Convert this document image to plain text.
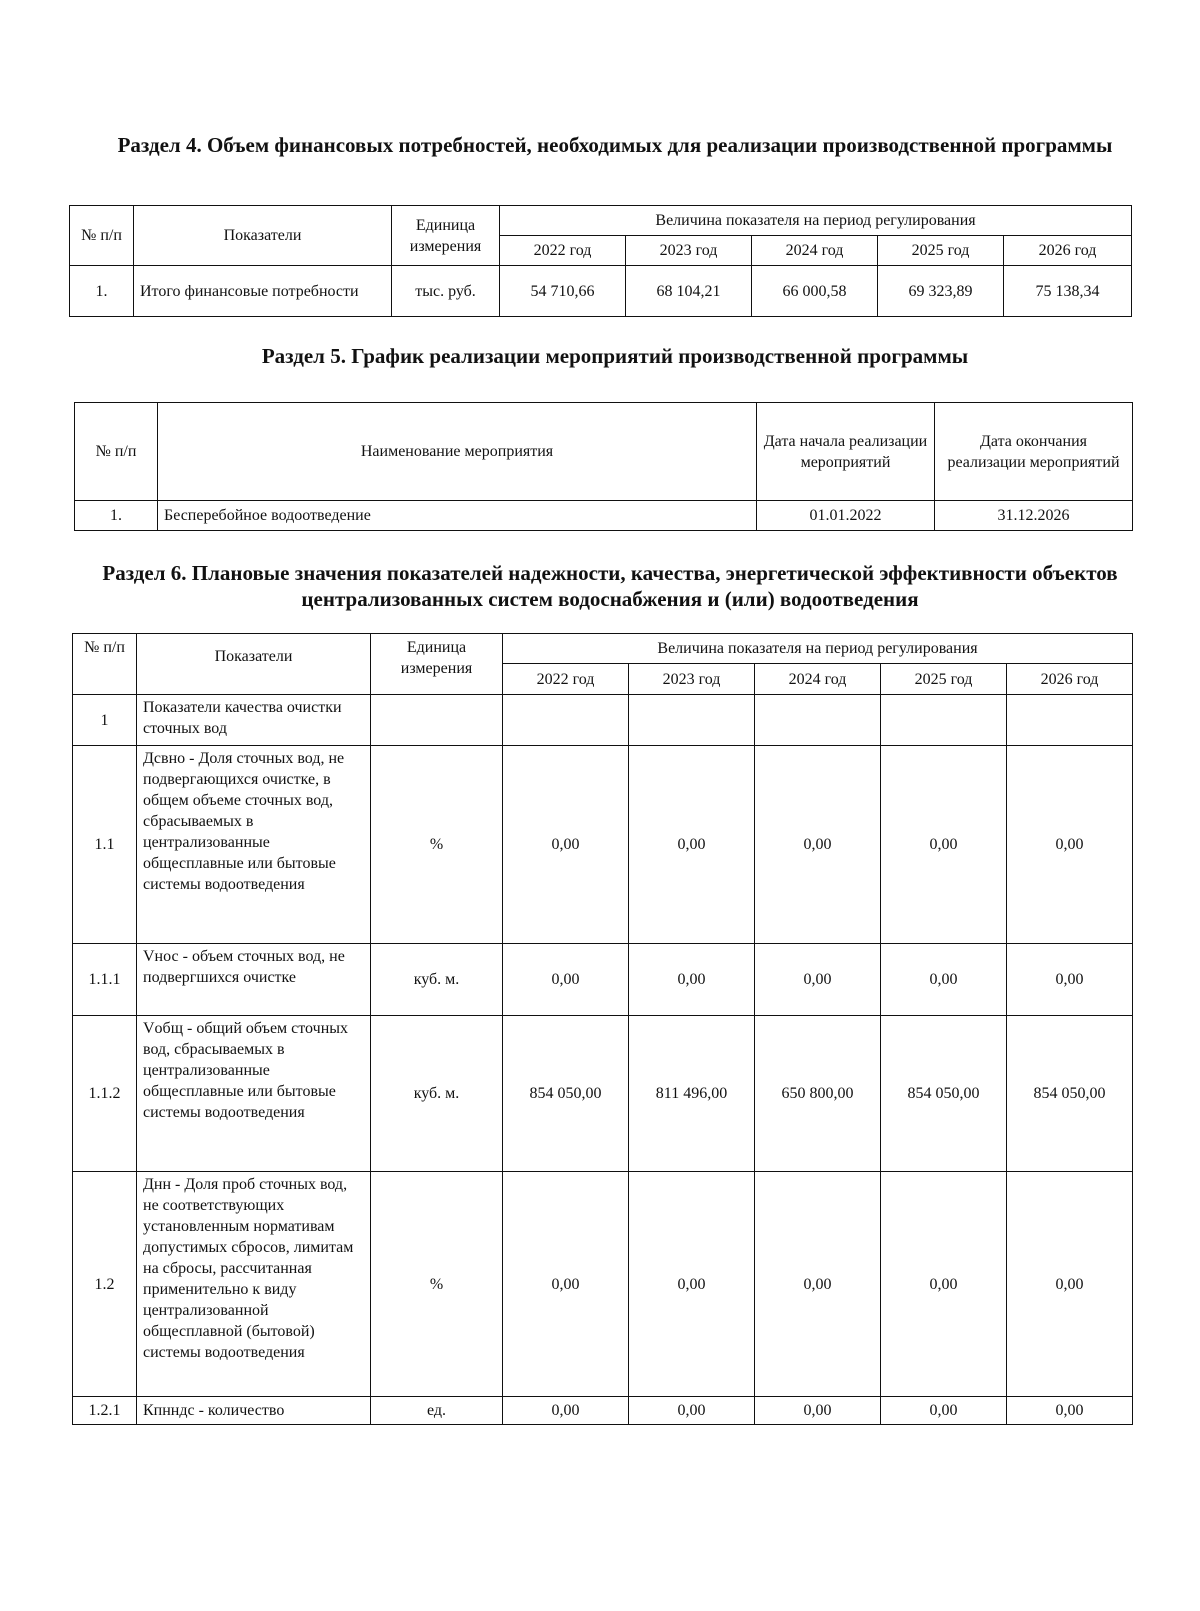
Раздел 4. Объем финансовых потребностей, необходимых для реализации производственной программы
№ п/п	Показатели	Единица измерения	Величина показателя на период регулирования				
			2022 год	2023 год	2024 год	2025 год	2026 год
1.	Итого финансовые потребности	тыс. руб.	54 710,66	68 104,21	66 000,58	69 323,89	75 138,34
Раздел 5. График реализации мероприятий производственной программы
№ п/п	Наименование мероприятия	Дата начала реализации мероприятий	Дата окончания реализации мероприятий
1.	Бесперебойное водоотведение	01.01.2022	31.12.2026
Раздел 6. Плановые значения показателей надежности, качества, энергетической эффективности объектов централизованных систем водоснабжения и (или) водоотведения
№ п/п	Показатели	Единица измерения	Величина показателя на период регулирования				
			2022 год	2023 год	2024 год	2025 год	2026 год
1	Показатели качества очистки сточных вод						
1.1	Дсвно - Доля сточных вод, не подвергающихся очистке, в общем объеме сточных вод, сбрасываемых в централизованные общесплавные или бытовые системы водоотведения	%	0,00	0,00	0,00	0,00	0,00
1.1.1	Vнос - объем сточных вод, не подвергшихся очистке	куб. м.	0,00	0,00	0,00	0,00	0,00
1.1.2	Vобщ - общий объем сточных вод, сбрасываемых в централизованные общесплавные или бытовые системы водоотведения	куб. м.	854 050,00	811 496,00	650 800,00	854 050,00	854 050,00
1.2	Днн - Доля проб сточных вод, не соответствующих установленным нормативам допустимых сбросов, лимитам на сбросы, рассчитанная применительно к виду централизованной общесплавной (бытовой) системы водоотведения	%	0,00	0,00	0,00	0,00	0,00
1.2.1	Кпнндс - количество	ед.	0,00	0,00	0,00	0,00	0,00
